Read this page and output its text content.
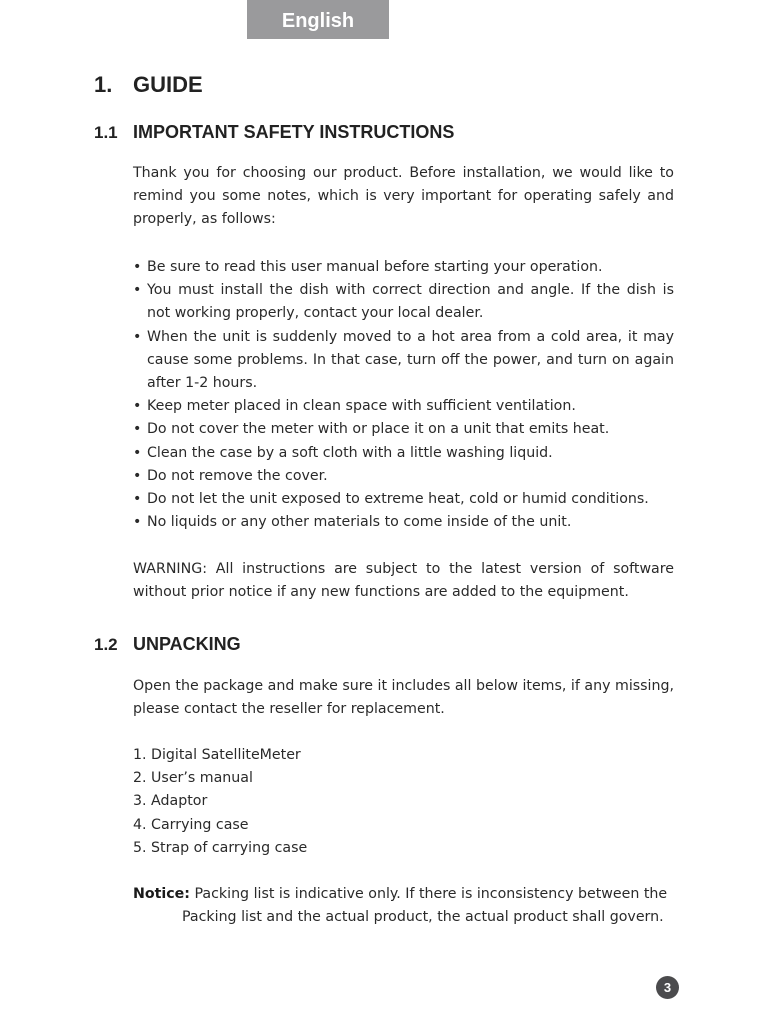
English
1. GUIDE
1.1 IMPORTANT SAFETY INSTRUCTIONS

Thank you for choosing our product. Before installation, we would like to remind you some notes, which is very important for operating safely and properly, as follows:

• Be sure to read this user manual before starting your operation.
• You must install the dish with correct direction and angle. If the dish is not working properly, contact your local dealer.
• When the unit is suddenly moved to a hot area from a cold area, it may cause some problems. In that case, turn off the power, and turn on again after 1-2 hours.
• Keep meter placed in clean space with sufficient ventilation.
• Do not cover the meter with or place it on a unit that emits heat.
• Clean the case by a soft cloth with a little washing liquid.
• Do not remove the cover.
• Do not let the unit exposed to extreme heat, cold or humid conditions.
• No liquids or any other materials to come inside of the unit.

WARNING: All instructions are subject to the latest version of software without prior notice if any new functions are added to the equipment.

1.2 UNPACKING

Open the package and make sure it includes all below items, if any missing, please contact the reseller for replacement.

1. Digital SatelliteMeter
2. User’s manual
3. Adaptor
4. Carrying case
5. Strap of carrying case
Notice: Packing list is indicative only. If there is inconsistency between the
Packing list and the actual product, the actual product shall govern.
3
